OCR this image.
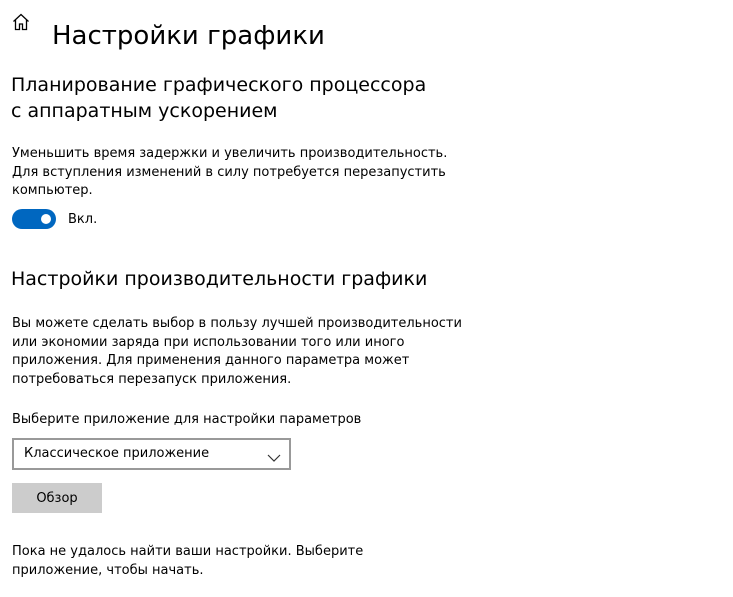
Настройки графики
Планирование графического процессора с аппаратным ускорением

Уменьшить время задержки и увеличить производительность. Для вступления изменений в силу потребуется перезапустить компьютер.

Вкл.
Настройки производительности графики

Вы можете сделать выбор в пользу лучшей производительности или экономии заряда при использовании того или иного приложения. Для применения данного параметра может потребоваться перезапуск приложения.

Выберите приложение для настройки параметров
Классическое приложение
Обзор

Пока не удалось найти ваши настройки. Выберите приложение, чтобы начать.
